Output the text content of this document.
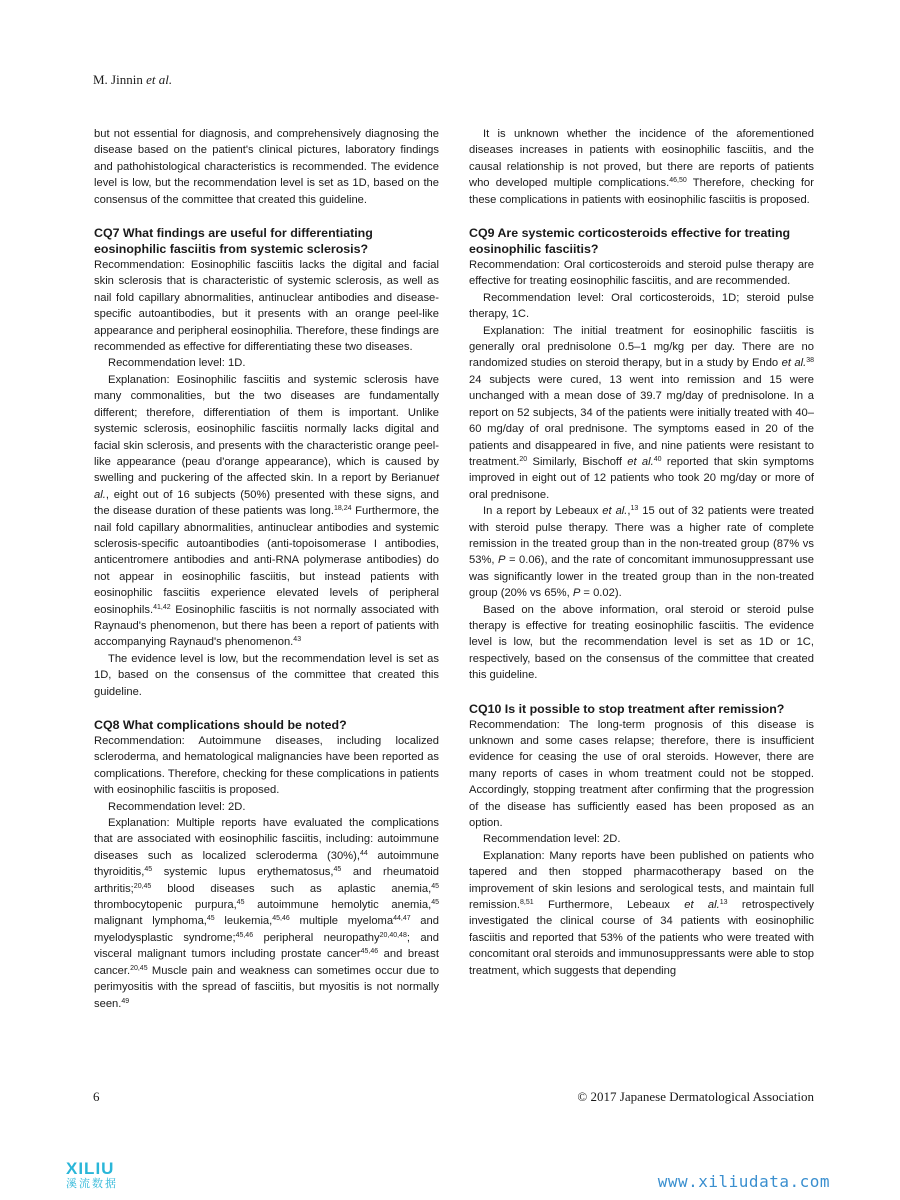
M. Jinnin et al.

but not essential for diagnosis, and comprehensively diagnosing the disease based on the patient's clinical pictures, laboratory findings and pathohistological characteristics is recommended. The evidence level is low, but the recommendation level is set as 1D, based on the consensus of the committee that created this guideline.

CQ7 What findings are useful for differentiating eosinophilic fasciitis from systemic sclerosis?

Recommendation: Eosinophilic fasciitis lacks the digital and facial skin sclerosis that is characteristic of systemic sclerosis, as well as nail fold capillary abnormalities, antinuclear antibodies and disease-specific autoantibodies, but it presents with an orange peel-like appearance and peripheral eosinophilia. Therefore, these findings are recommended as effective for differentiating these two diseases.

Recommendation level: 1D.

Explanation: Eosinophilic fasciitis and systemic sclerosis have many commonalities, but the two diseases are fundamentally different; therefore, differentiation of them is important. Unlike systemic sclerosis, eosinophilic fasciitis normally lacks digital and facial skin sclerosis, and presents with the characteristic orange peel-like appearance (peau d'orange appearance), which is caused by swelling and puckering of the affected skin. In a report by Berianuet al., eight out of 16 subjects (50%) presented with these signs, and the disease duration of these patients was long.$^{18,24}$ Furthermore, the nail fold capillary abnormalities, antinuclear antibodies and systemic sclerosis-specific autoantibodies (anti-topoisomerase I antibodies, anticentromere antibodies and anti-RNA polymerase antibodies) do not appear in eosinophilic fasciitis, but instead patients with eosinophilic fasciitis experience elevated levels of peripheral eosinophils.$^{41,42}$ Eosinophilic fasciitis is not normally associated with Raynaud's phenomenon, but there has been a report of patients with accompanying Raynaud's phenomenon.$^{43}$

The evidence level is low, but the recommendation level is set as 1D, based on the consensus of the committee that created this guideline.

CQ8 What complications should be noted?

Recommendation: Autoimmune diseases, including localized scleroderma, and hematological malignancies have been reported as complications. Therefore, checking for these complications in patients with eosinophilic fasciitis is proposed.

Recommendation level: 2D.

Explanation: Multiple reports have evaluated the complications that are associated with eosinophilic fasciitis, including: autoimmune diseases such as localized scleroderma (30%),$^{44}$ autoimmune thyroiditis,$^{45}$ systemic lupus erythematosus,$^{45}$ and rheumatoid arthritis;$^{20,45}$ blood diseases such as aplastic anemia,$^{45}$ thrombocytopenic purpura,$^{45}$ autoimmune hemolytic anemia,$^{45}$ malignant lymphoma,$^{45}$ leukemia,$^{45,46}$ multiple myeloma$^{44,47}$ and myelodysplastic syndrome;$^{45,46}$ peripheral neuropathy$^{20,40,48}$; and visceral malignant tumors including prostate cancer$^{45,46}$ and breast cancer.$^{20,45}$ Muscle pain and weakness can sometimes occur due to perimyositis with the spread of fasciitis, but myositis is not normally seen.$^{49}$

It is unknown whether the incidence of the aforementioned diseases increases in patients with eosinophilic fasciitis, and the causal relationship is not proved, but there are reports of patients who developed multiple complications.$^{46,50}$ Therefore, checking for these complications in patients with eosinophilic fasciitis is proposed.

CQ9 Are systemic corticosteroids effective for treating eosinophilic fasciitis?

Recommendation: Oral corticosteroids and steroid pulse therapy are effective for treating eosinophilic fasciitis, and are recommended.

Recommendation level: Oral corticosteroids, 1D; steroid pulse therapy, 1C.

Explanation: The initial treatment for eosinophilic fasciitis is generally oral prednisolone 0.5–1 mg/kg per day. There are no randomized studies on steroid therapy, but in a study by Endo et al.$^{38}$ 24 subjects were cured, 13 went into remission and 15 were unchanged with a mean dose of 39.7 mg/day of prednisolone. In a report on 52 subjects, 34 of the patients were initially treated with 40–60 mg/day of oral prednisone. The symptoms eased in 20 of the patients and disappeared in five, and nine patients were resistant to treatment.$^{20}$ Similarly, Bischoff et al.$^{40}$ reported that skin symptoms improved in eight out of 12 patients who took 20 mg/day or more of oral prednisone.

In a report by Lebeaux et al.,$^{13}$ 15 out of 32 patients were treated with steroid pulse therapy. There was a higher rate of complete remission in the treated group than in the non-treated group (87% vs 53%, P = 0.06), and the rate of concomitant immunosuppressant use was significantly lower in the treated group than in the non-treated group (20% vs 65%, P = 0.02).

Based on the above information, oral steroid or steroid pulse therapy is effective for treating eosinophilic fasciitis. The evidence level is low, but the recommendation level is set as 1D or 1C, respectively, based on the consensus of the committee that created this guideline.

CQ10 Is it possible to stop treatment after remission?

Recommendation: The long-term prognosis of this disease is unknown and some cases relapse; therefore, there is insufficient evidence for ceasing the use of oral steroids. However, there are many reports of cases in whom treatment could not be stopped. Accordingly, stopping treatment after confirming that the progression of the disease has sufficiently eased has been proposed as an option.

Recommendation level: 2D.

Explanation: Many reports have been published on patients who tapered and then stopped pharmacotherapy based on the improvement of skin lesions and serological tests, and maintain full remission.$^{8,51}$ Furthermore, Lebeaux et al.$^{13}$ retrospectively investigated the clinical course of 34 patients with eosinophilic fasciitis and reported that 53% of the patients who were treated with concomitant oral steroids and immunosuppressants were able to stop treatment, which suggests that depending

6	© 2017 Japanese Dermatological Association
XILIU
溪流数据	www.xiliudata.com
